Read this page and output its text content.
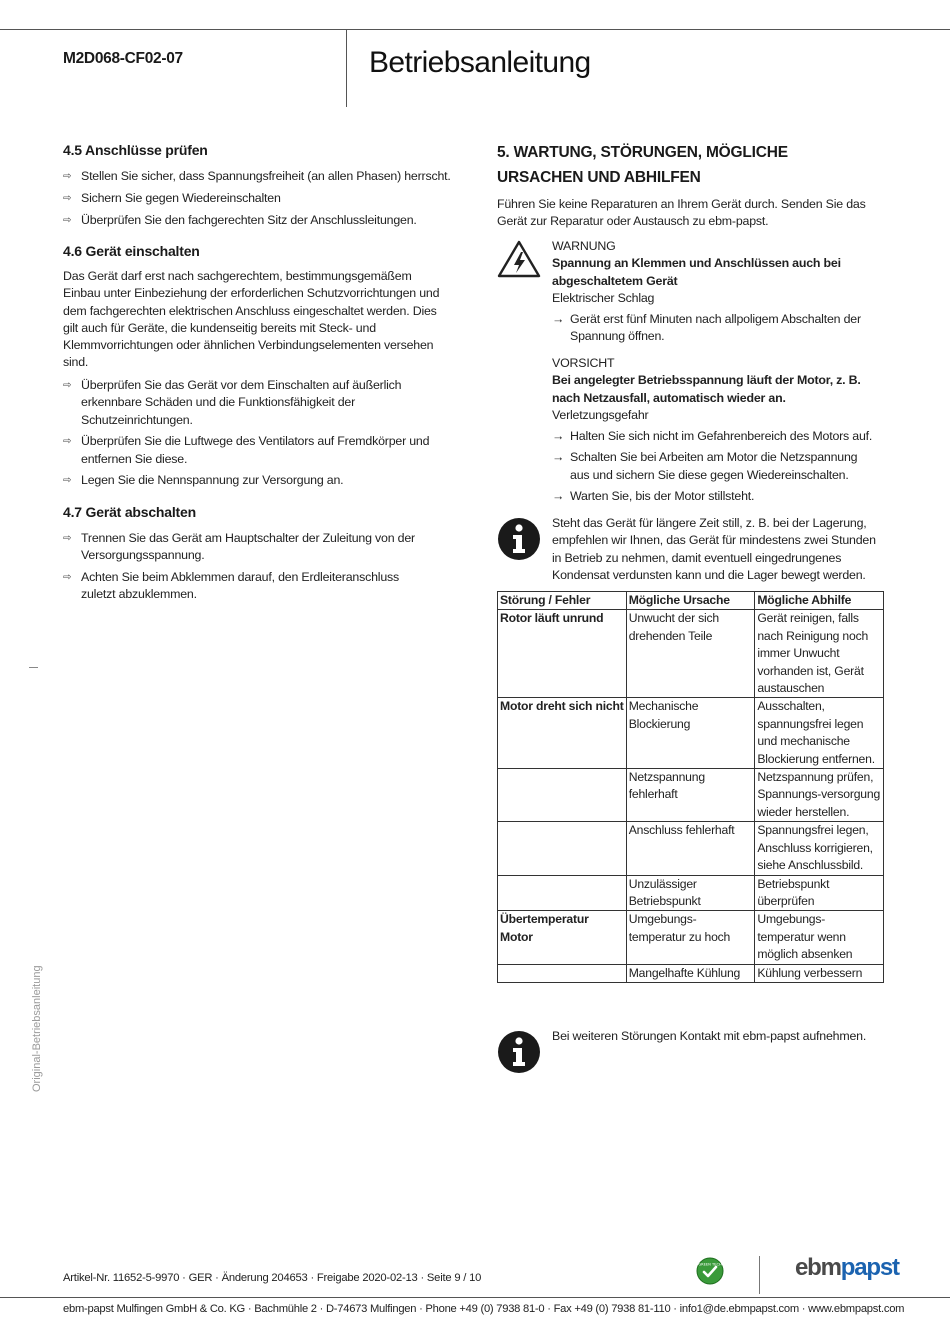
M2D068-CF02-07	Betriebsanleitung
4.5 Anschlüsse prüfen
⇨ Stellen Sie sicher, dass Spannungsfreiheit (an allen Phasen) herrscht.
⇨ Sichern Sie gegen Wiedereinschalten
⇨ Überprüfen Sie den fachgerechten Sitz der Anschlussleitungen.
4.6 Gerät einschalten
Das Gerät darf erst nach sachgerechtem, bestimmungsgemäßem Einbau unter Einbeziehung der erforderlichen Schutzvorrichtungen und dem fachgerechten elektrischen Anschluss eingeschaltet werden. Dies gilt auch für Geräte, die kundenseitig bereits mit Steck- und Klemmvorrichtungen oder ähnlichen Verbindungselementen versehen sind.
⇨ Überprüfen Sie das Gerät vor dem Einschalten auf äußerlich erkennbare Schäden und die Funktionsfähigkeit der Schutzeinrichtungen.
⇨ Überprüfen Sie die Luftwege des Ventilators auf Fremdkörper und entfernen Sie diese.
⇨ Legen Sie die Nennspannung zur Versorgung an.
4.7 Gerät abschalten
⇨ Trennen Sie das Gerät am Hauptschalter der Zuleitung von der Versorgungsspannung.
⇨ Achten Sie beim Abklemmen darauf, den Erdleiteranschluss zuletzt abzuklemmen.
5. WARTUNG, STÖRUNGEN, MÖGLICHE
URSACHEN UND ABHILFEN
Führen Sie keine Reparaturen an Ihrem Gerät durch. Senden Sie das Gerät zur Reparatur oder Austausch zu ebm-papst.
WARNUNG
Spannung an Klemmen und Anschlüssen auch bei abgeschaltetem Gerät
Elektrischer Schlag
→ Gerät erst fünf Minuten nach allpoligem Abschalten der Spannung öffnen.
VORSICHT
Bei angelegter Betriebsspannung läuft der Motor, z. B. nach Netzausfall, automatisch wieder an.
Verletzungsgefahr
→ Halten Sie sich nicht im Gefahrenbereich des Motors auf.
→ Schalten Sie bei Arbeiten am Motor die Netzspannung aus und sichern Sie diese gegen Wiedereinschalten.
→ Warten Sie, bis der Motor stillsteht.
Steht das Gerät für längere Zeit still, z. B. bei der Lagerung, empfehlen wir Ihnen, das Gerät für mindestens zwei Stunden in Betrieb zu nehmen, damit eventuell eingedrungenes Kondensat verdunsten kann und die Lager bewegt werden.
Störung / Fehler	Mögliche Ursache	Mögliche Abhilfe
Rotor läuft unrund	Unwucht der sich drehenden Teile	Gerät reinigen, falls nach Reinigung noch immer Unwucht vorhanden ist, Gerät austauschen
Motor dreht sich nicht	Mechanische Blockierung	Ausschalten, spannungsfrei legen und mechanische Blockierung entfernen.
	Netzspannung fehlerhaft	Netzspannung prüfen, Spannungs-versorgung wieder herstellen.
	Anschluss fehlerhaft	Spannungsfrei legen, Anschluss korrigieren, siehe Anschlussbild.
	Unzulässiger Betriebspunkt	Betriebspunkt überprüfen
Übertemperatur Motor	Umgebungs-temperatur zu hoch	Umgebungs-temperatur wenn möglich absenken
	Mangelhafte Kühlung	Kühlung verbessern
Bei weiteren Störungen Kontakt mit ebm-papst aufnehmen.
Original-Betriebsanleitung
Artikel-Nr. 11652-5-9970 · GER · Änderung 204653 · Freigabe 2020-02-13 · Seite 9 / 10
GREEN TECH	ebmpapst
ebm-papst Mulfingen GmbH & Co. KG · Bachmühle 2 · D-74673 Mulfingen · Phone +49 (0) 7938 81-0 · Fax +49 (0) 7938 81-110 · info1@de.ebmpapst.com · www.ebmpapst.com
